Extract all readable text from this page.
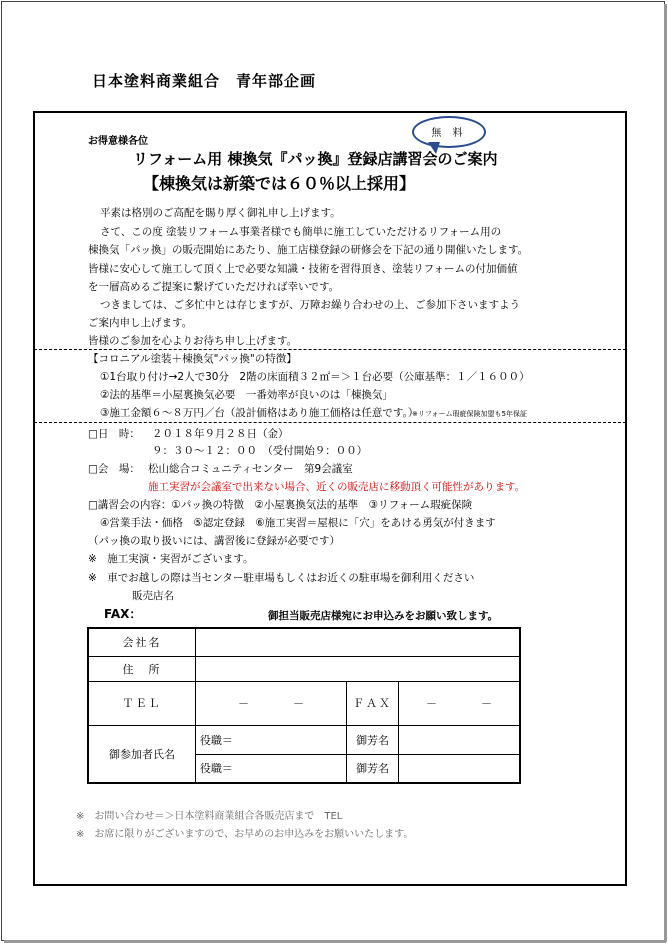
日本塗料商業組合　青年部企画
無 料
お得意様各位
リフォーム用 棟換気『パッ換』登録店講習会のご案内
【棟換気は新築では６０％以上採用】
平素は格別のご高配を賜り厚く御礼申し上げます。
さて、この度 塗装リフォーム事業者様でも簡単に施工していただけるリフォーム用の
棟換気「パッ換」の販売開始にあたり、施工店様登録の研修会を下記の通り開催いたします。
皆様に安心して施工して頂く上で必要な知識・技術を習得頂き、塗装リフォームの付加価値
を一層高めるご提案に繋げていただければ幸いです。
つきましては、ご多忙中とは存じますが、万障お繰り合わせの上、ご参加下さいますよう
ご案内申し上げます。
皆様のご参加を心よりお待ち申し上げます。
【コロニアル塗装＋棟換気"パッ換"の特徴】
①1台取り付け→2人で30分　2階の床面積３２㎡＝＞１台必要（公庫基準：１／１６００）
②法的基準＝小屋裏換気必要　一番効率が良いのは「棟換気」
③施工金額６～８万円／台（設計価格はあり施工価格は任意です。）
※リフォーム瑕疵保険加盟も5年保証
□日　時： ２０１８年９月２８日（金）
９：３０～１２：００　（受付開始９：００）
□会　場： 松山総合コミュニティセンター　第9会議室
施工実習が会議室で出来ない場合、近くの販売店に移動頂く可能性があります。
□講習会の内容：①パッ換の特徴　②小屋裏換気法的基準　③リフォーム瑕疵保険
④営業手法・価格　⑤認定登録　⑥施工実習＝屋根に「穴」をあける勇気が付きます
（パッ換の取り扱いには、講習後に登録が必要です）
※　施工実演・実習がございます。
※　車でお越しの際は当センター駐車場もしくはお近くの駐車場を御利用ください
販売店名
FAX：	御担当販売店様宛にお申込みをお願い致します。
会社名			
住　所			
ＴＥＬ	－　　　　－	ＦＡＸ	－　　　　－
御参加者氏名	役職＝	御芳名	
	役職＝	御芳名	
※　お問い合わせ＝＞日本塗料商業組合各販売店まで　TEL
※　お席に限りがございますので、お早めのお申込みをお願いいたします。
